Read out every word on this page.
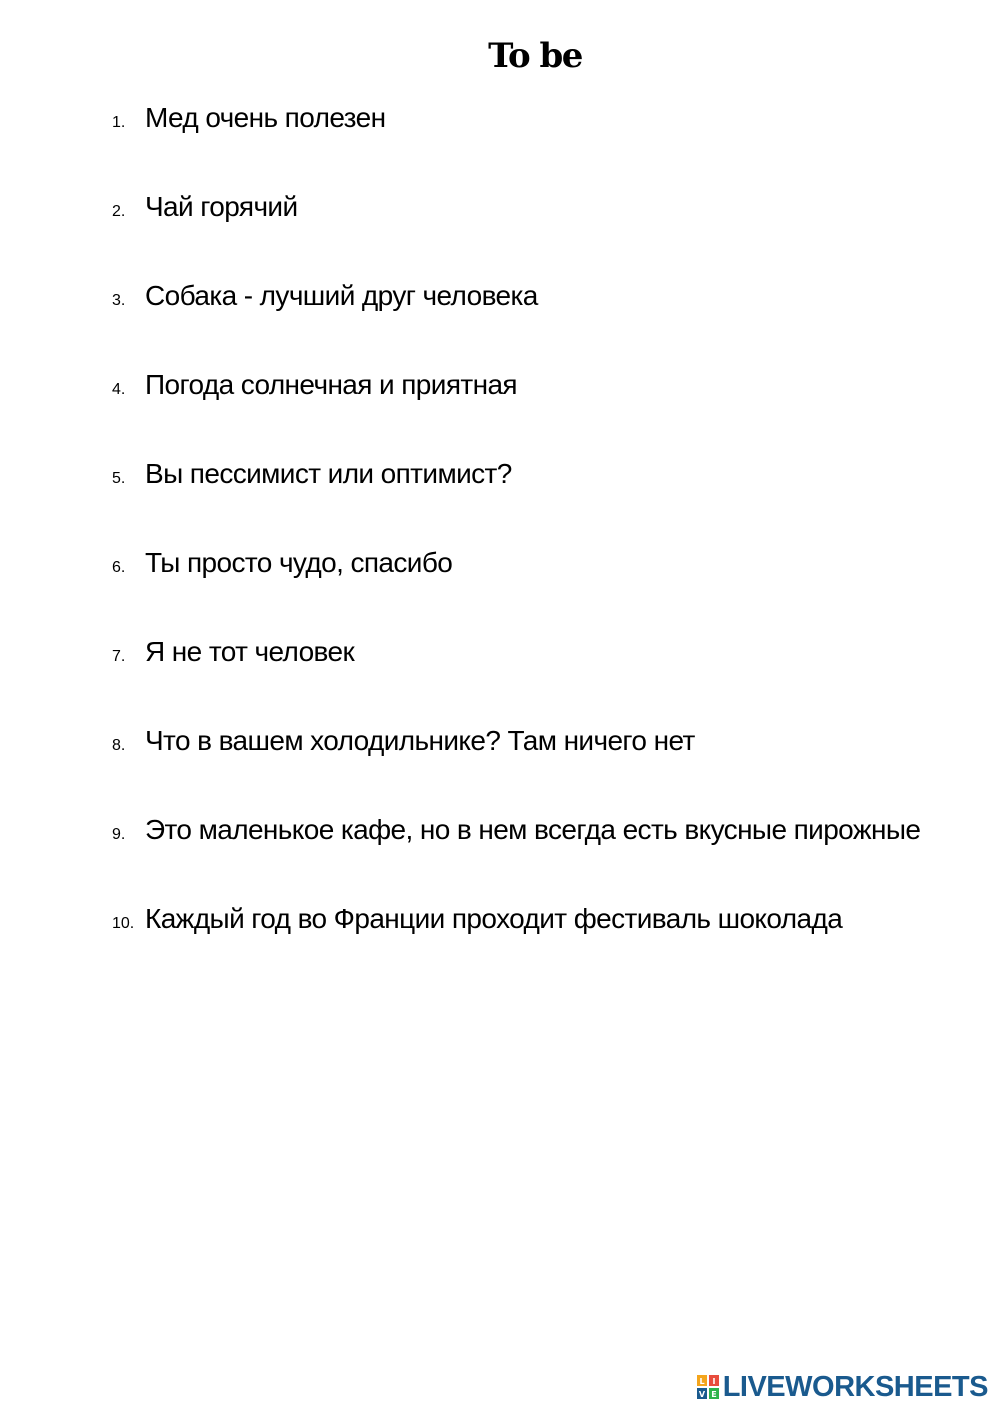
To be
1. Мед очень полезен
2. Чай горячий
3. Собака - лучший друг человека
4. Погода солнечная и приятная
5. Вы пессимист или оптимист?
6. Ты просто чудо, спасибо
7. Я не тот человек
8. Что в вашем холодильнике? Там ничего нет
9. Это маленькое кафе, но в нем всегда есть вкусные пирожные
10. Каждый год во Франции проходит фестиваль шоколада
L I
V E LIVEWORKSHEETS
